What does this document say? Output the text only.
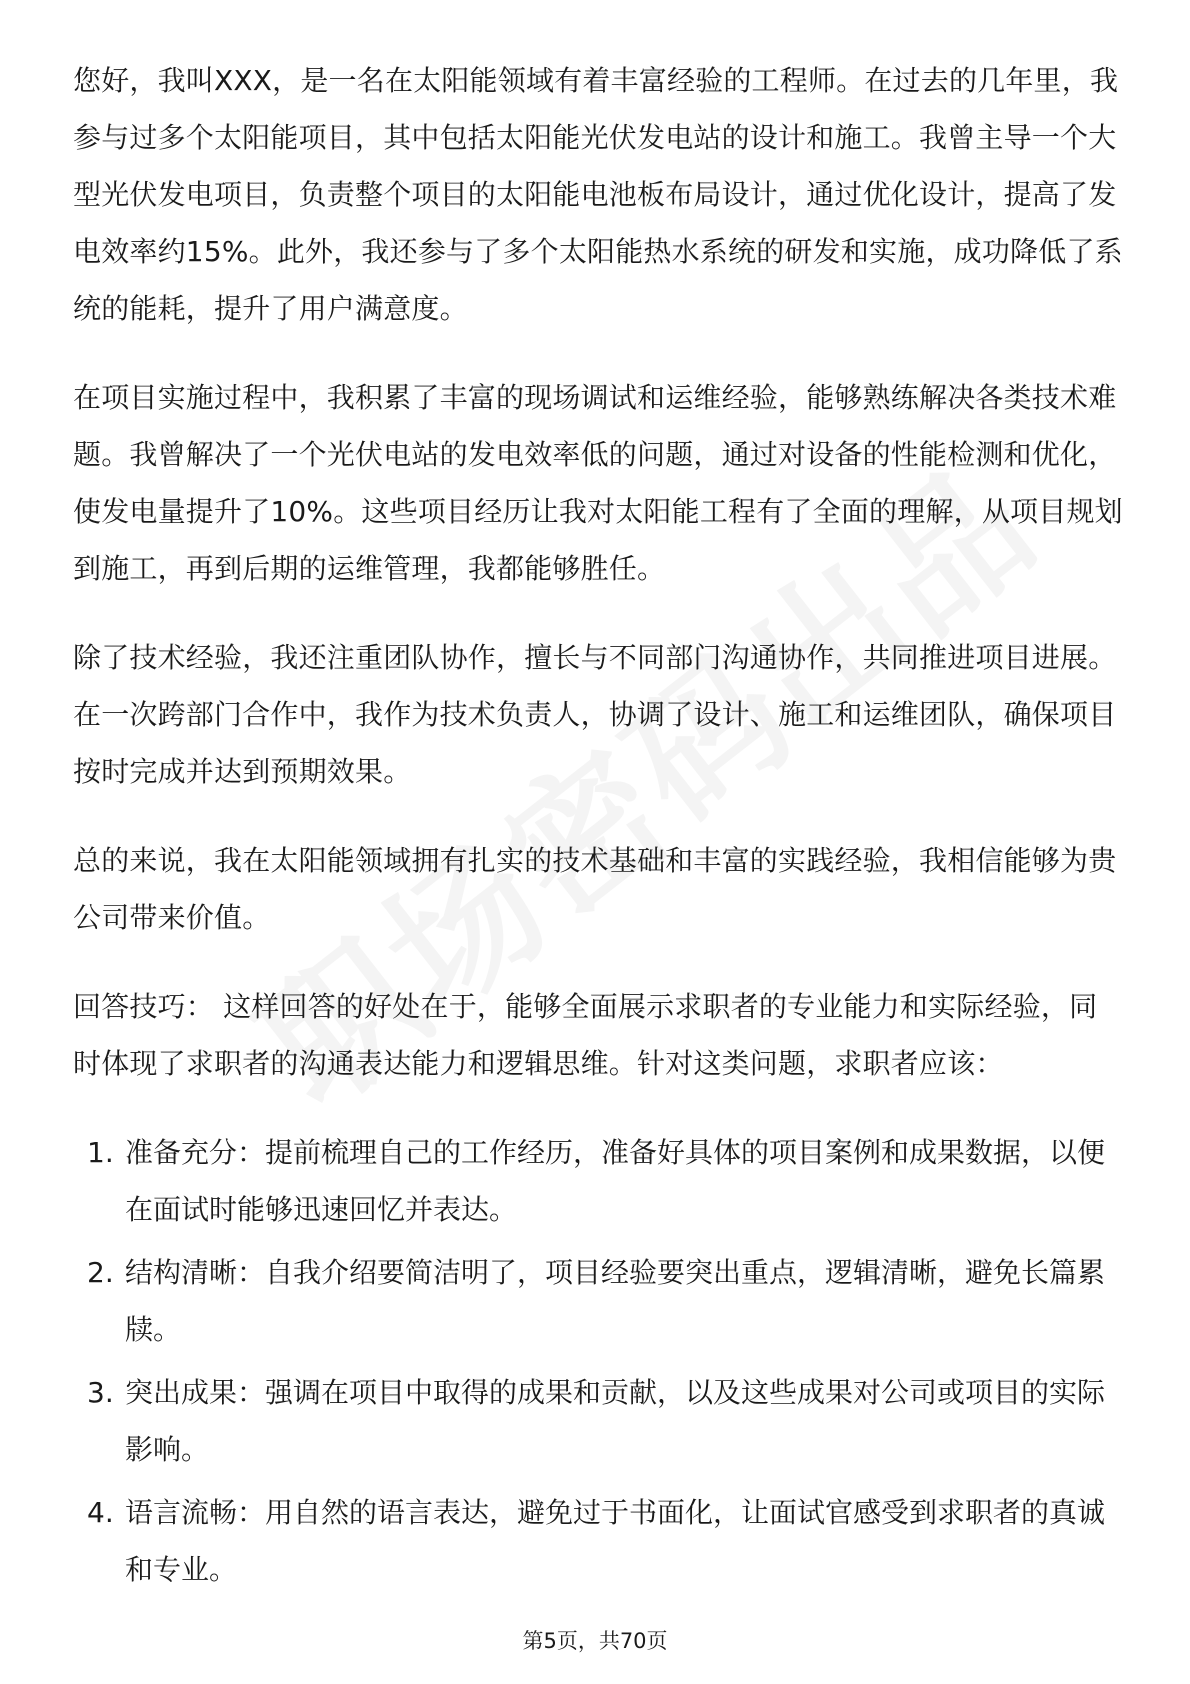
您好，我叫XXX，是一名在太阳能领域有着丰富经验的工程师。在过去的几年里，我参与过多个太阳能项目，其中包括太阳能光伏发电站的设计和施工。我曾主导一个大型光伏发电项目，负责整个项目的太阳能电池板布局设计，通过优化设计，提高了发电效率约15%。此外，我还参与了多个太阳能热水系统的研发和实施，成功降低了系统的能耗，提升了用户满意度。

在项目实施过程中，我积累了丰富的现场调试和运维经验，能够熟练解决各类技术难题。我曾解决了一个光伏电站的发电效率低的问题，通过对设备的性能检测和优化，使发电量提升了10%。这些项目经历让我对太阳能工程有了全面的理解，从项目规划到施工，再到后期的运维管理，我都能够胜任。

除了技术经验，我还注重团队协作，擅长与不同部门沟通协作，共同推进项目进展。在一次跨部门合作中，我作为技术负责人，协调了设计、施工和运维团队，确保项目按时完成并达到预期效果。

总的来说，我在太阳能领域拥有扎实的技术基础和丰富的实践经验，我相信能够为贵公司带来价值。

回答技巧： 这样回答的好处在于，能够全面展示求职者的专业能力和实际经验，同时体现了求职者的沟通表达能力和逻辑思维。针对这类问题，求职者应该：

1. 准备充分：提前梳理自己的工作经历，准备好具体的项目案例和成果数据，以便在面试时能够迅速回忆并表达。
2. 结构清晰：自我介绍要简洁明了，项目经验要突出重点，逻辑清晰，避免长篇累牍。
3. 突出成果：强调在项目中取得的成果和贡献，以及这些成果对公司或项目的实际影响。
4. 语言流畅：用自然的语言表达，避免过于书面化，让面试官感受到求职者的真诚和专业。
第5页，共70页
